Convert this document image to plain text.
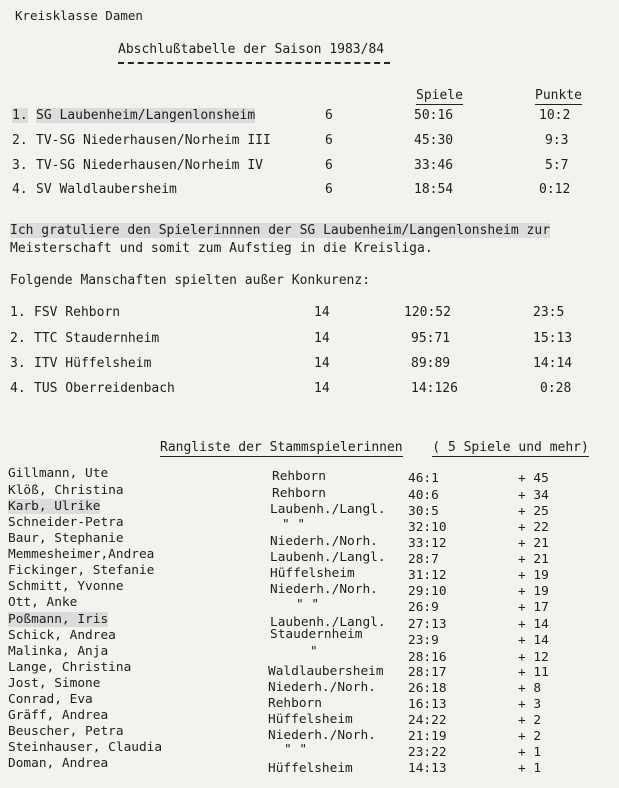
Kreisklasse Damen
Abschlußtabelle der Saison 1983/84
Spiele	Punkte
1. SG Laubenheim/Langenlonsheim	6	50:16	10:2
2. TV-SG Niederhausen/Norheim III	6	45:30	9:3
3. TV-SG Niederhausen/Norheim IV	6	33:46	5:7
4. SV Waldlaubersheim	6	18:54	0:12
Ich gratuliere den Spielerinnnen der SG Laubenheim/Langenlonsheim zur
Meisterschaft und somit zum Aufstieg in die Kreisliga.
Folgende Manschaften spielten außer Konkurenz:
1. FSV Rehborn	14	120:52	23:5
2. TTC Staudernheim	14	95:71	15:13
3. ITV Hüffelsheim	14	89:89	14:14
4. TUS Oberreidenbach	14	14:126	0:28
Rangliste der Stammspielerinnen ( 5 Spiele und mehr)
Gillmann, Ute	Rehborn	46:1	+ 45
Klöß, Christina	Rehborn	40:6	+ 34
Karb, Ulrike	Laubenh./Langl. 30:5	+ 25
Schneider-Petra	" "	32:10	+ 22
Baur, Stephanie	Niederh./Norh. 33:12	+ 21
Memmesheimer,Andrea	Laubenh./Langl. 28:7	+ 21
Fickinger, Stefanie	Hüffelsheim	31:12	+ 19
Schmitt, Yvonne	Niederh./Norh. 29:10	+ 19
Ott, Anke	" "	26:9	+ 17
Poßmann, Iris	Laubenh./Langl. 27:13	+ 14
Schick, Andrea	Staudernheim	23:9	+ 14
Malinka, Anja	"	28:16	+ 12
Lange, Christina	Waldlaubersheim 28:17	+ 11
Jost, Simone	Niederh./Norh.	26:18	+ 8
Conrad, Eva	Rehborn	16:13	+ 3
Gräff, Andrea	Hüffelsheim	24:22	+ 2
Beuscher, Petra	Niederh./Norh.	21:19	+ 2
Steinhauser, Claudia	" "	23:22	+ 1
Doman, Andrea	Hüffelsheim	14:13	+ 1
